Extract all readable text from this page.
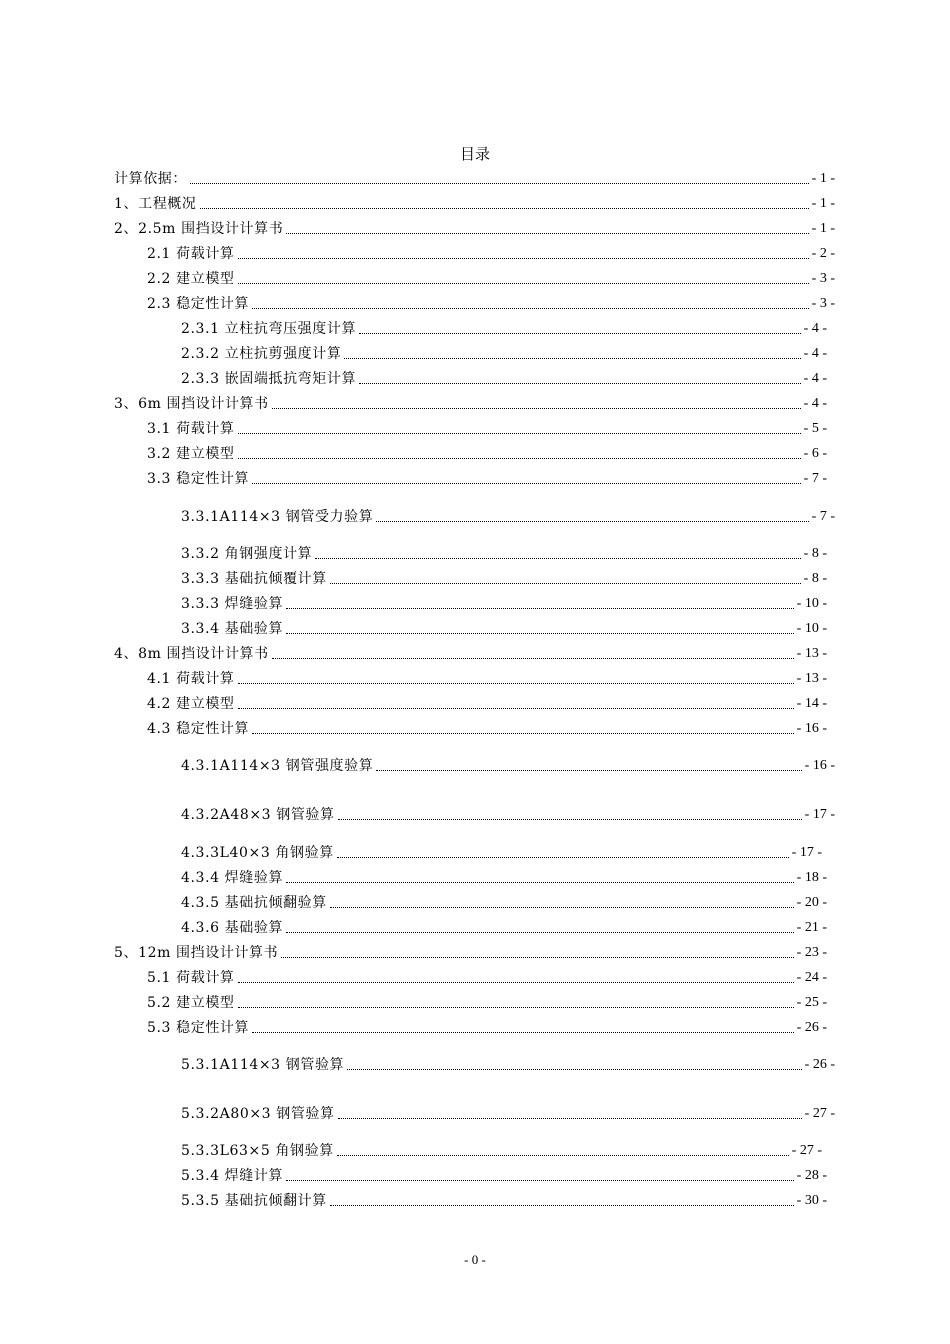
目录
计算依据：	- 1 -
1、工程概况	- 1 -
2、2.5m 围挡设计计算书	- 1 -
2.1 荷载计算	- 2 -
2.2 建立模型	- 3 -
2.3 稳定性计算	- 3 -
2.3.1 立柱抗弯压强度计算	- 4 -
2.3.2 立柱抗剪强度计算	- 4 -
2.3.3 嵌固端抵抗弯矩计算	- 4 -
3、6m 围挡设计计算书	- 4 -
3.1 荷载计算	- 5 -
3.2 建立模型	- 6 -
3.3 稳定性计算	- 7 -
3.3.1A114×3 钢管受力验算	- 7 -
3.3.2 角钢强度计算	- 8 -
3.3.3 基础抗倾覆计算	- 8 -
3.3.3 焊缝验算	- 10 -
3.3.4 基础验算	- 10 -
4、8m 围挡设计计算书	- 13 -
4.1 荷载计算	- 13 -
4.2 建立模型	- 14 -
4.3 稳定性计算	- 16 -
4.3.1A114×3 钢管强度验算	- 16 -
4.3.2A48×3 钢管验算	- 17 -
4.3.3L40×3 角钢验算	- 17 -
4.3.4 焊缝验算	- 18 -
4.3.5 基础抗倾翻验算	- 20 -
4.3.6 基础验算	- 21 -
5、12m 围挡设计计算书	- 23 -
5.1 荷载计算	- 24 -
5.2 建立模型	- 25 -
5.3 稳定性计算	- 26 -
5.3.1A114×3 钢管验算	- 26 -
5.3.2A80×3 钢管验算	- 27 -
5.3.3L63×5 角钢验算	- 27 -
5.3.4 焊缝计算	- 28 -
5.3.5 基础抗倾翻计算	- 30 -
- 0 -
